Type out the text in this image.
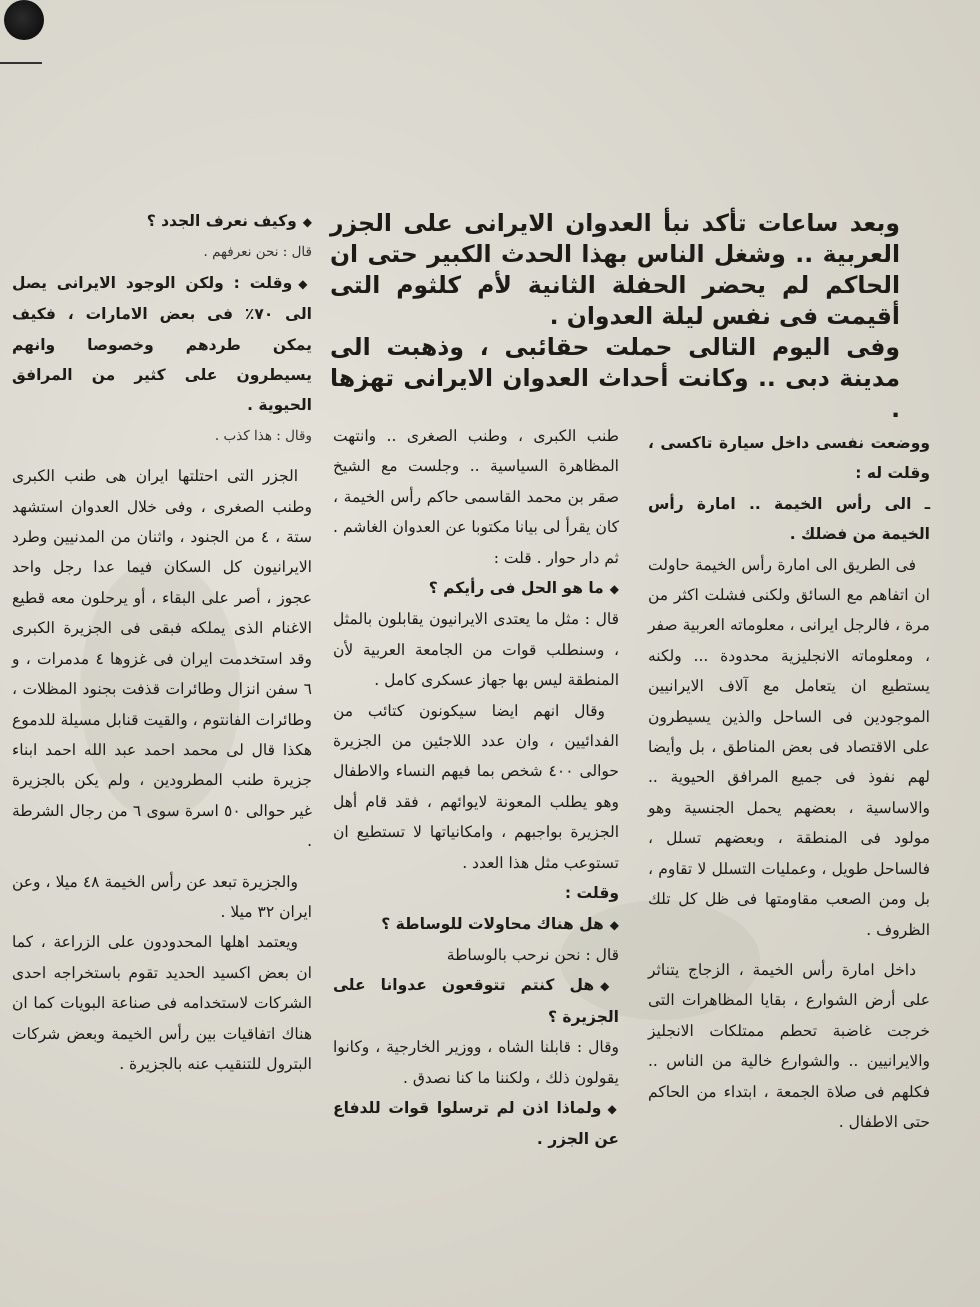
وبعد ساعات تأكد نبأ العدوان الايرانى على الجزر العربية .. وشغل الناس بهذا الحدث الكبير حتى ان الحاكم لم يحضر الحفلة الثانية لأم كلثوم التى أقيمت فى نفس ليلة العدوان .

وفى اليوم التالى حملت حقائبى ، وذهبت الى مدينة دبى .. وكانت أحداث العدوان الايرانى تهزها .

ووضعت نفسى داخل سيارة تاكسى ، وقلت له :

ـ الى رأس الخيمة .. امارة رأس الخيمة من فضلك .

فى الطريق الى امارة رأس الخيمة حاولت ان اتفاهم مع السائق ولكنى فشلت اكثر من مرة ، فالرجل ايرانى ، معلوماته العربية صفر ، ومعلوماته الانجليزية محدودة ... ولكنه يستطيع ان يتعامل مع آلاف الايرانيين الموجودين فى الساحل والذين يسيطرون على الاقتصاد فى بعض المناطق ، بل وأيضا لهم نفوذ فى جميع المرافق الحيوية .. والاساسية ، بعضهم يحمل الجنسية وهو مولود فى المنطقة ، وبعضهم تسلل ، فالساحل طويل ، وعمليات التسلل لا تقاوم ، بل ومن الصعب مقاومتها فى ظل كل تلك الظروف .

داخل امارة رأس الخيمة ، الزجاج يتناثر على أرض الشوارع ، بقايا المظاهرات التى خرجت غاضبة تحطم ممتلكات الانجليز والايرانيين .. والشوارع خالية من الناس .. فكلهم فى صلاة الجمعة ، ابتداء من الحاكم حتى الاطفال .

طنب الكبرى ، وطنب الصغرى .. وانتهت المظاهرة السياسية .. وجلست مع الشيخ صقر بن محمد القاسمى حاكم رأس الخيمة ، كان يقرأ لى بيانا مكتوبا عن العدوان الغاشم . ثم دار حوار . قلت :

◆ما هو الحل فى رأيكم ؟

قال : مثل ما يعتدى الايرانيون يقابلون بالمثل ، وسنطلب قوات من الجامعة العربية لأن المنطقة ليس بها جهاز عسكرى كامل .

وقال انهم ايضا سيكونون كتائب من الفدائيين ، وان عدد اللاجئين من الجزيرة حوالى ٤٠٠ شخص بما فيهم النساء والاطفال وهو يطلب المعونة لايوائهم ، فقد قام أهل الجزيرة بواجبهم ، وامكانياتها لا تستطيع ان تستوعب مثل هذا العدد .

وقلت :

◆هل هناك محاولات للوساطة ؟

قال : نحن نرحب بالوساطة

◆هل كنتم تتوقعون عدوانا على الجزيرة ؟

وقال : قابلنا الشاه ، ووزير الخارجية ، وكانوا يقولون ذلك ، ولكننا ما كنا نصدق .

◆ولماذا اذن لم ترسلوا قوات للدفاع عن الجزر .

◆وكيف نعرف الجدد ؟

قال : نحن نعرفهم .

◆وقلت : ولكن الوجود الايرانى يصل الى ٧٠٪ فى بعض الامارات ، فكيف يمكن طردهم وخصوصا وانهم يسيطرون على كثير من المرافق الحيوية .

وقال : هذا كذب .

الجزر التى احتلتها ايران هى طنب الكبرى وطنب الصغرى ، وفى خلال العدوان استشهد ستة ، ٤ من الجنود ، واثنان من المدنيين وطرد الايرانيون كل السكان فيما عدا رجل واحد عجوز ، أصر على البقاء ، أو يرحلون معه قطيع الاغنام الذى يملكه فبقى فى الجزيرة الكبرى وقد استخدمت ايران فى غزوها ٤ مدمرات ، و ٦ سفن انزال وطائرات قذفت بجنود المظلات ، وطائرات الفانتوم ، والقيت قنابل مسيلة للدموع هكذا قال لى محمد احمد عبد الله احمد ابناء جزيرة طنب المطرودين ، ولم يكن بالجزيرة غير حوالى ٥٠ اسرة سوى ٦ من رجال الشرطة .

والجزيرة تبعد عن رأس الخيمة ٤٨ ميلا ، وعن ايران ٣٢ ميلا .

ويعتمد اهلها المحدودون على الزراعة ، كما ان بعض اكسيد الحديد تقوم باستخراجه احدى الشركات لاستخدامه فى صناعة البويات كما ان هناك اتفاقيات بين رأس الخيمة وبعض شركات البترول للتنقيب عنه بالجزيرة .
